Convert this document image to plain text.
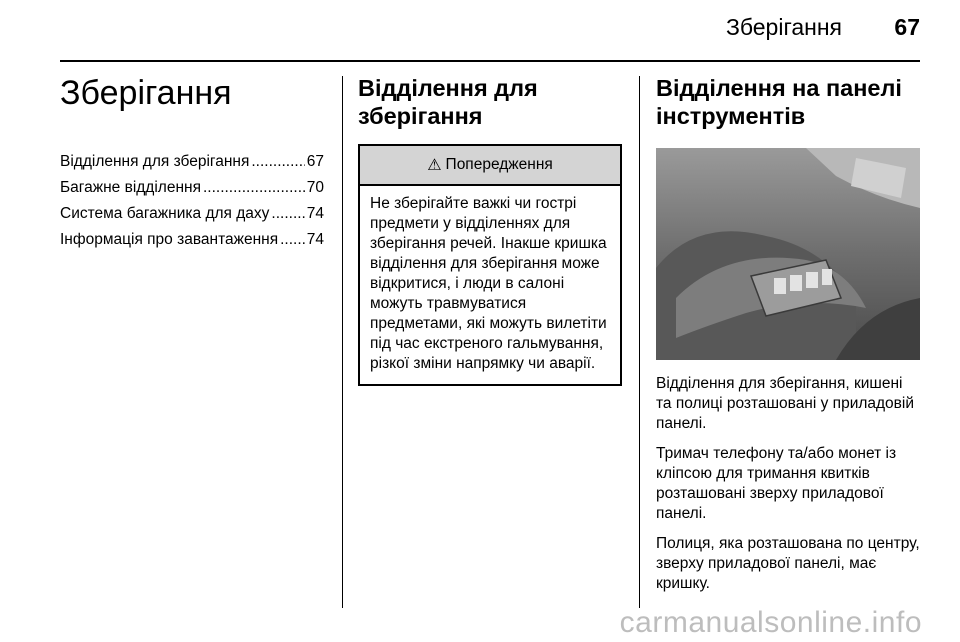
Зберігання 67
Зберігання
Відділення для зберігання .....	67
Багажне відділення .....	70
Система багажника для даху ..... 74
Інформація про завантаження ..... 74
Відділення для
зберігання
⚠ Попередження
Не зберігайте важкі чи гострі предмети у відділеннях для зберігання речей. Інакше кришка відділення для зберігання може відкритися, і люди в салоні можуть травмуватися предметами, які можуть вилетіти під час екстреного гальмування, різкої зміни напрямку чи аварії.
Відділення на панелі
інструментів

Відділення для зберігання, кишені та полиці розташовані у приладовій панелі.

Тримач телефону та/або монет із кліпсою для тримання квитків розташовані зверху приладової панелі.

Полиця, яка розташована по центру, зверху приладової панелі, має кришку.

carmanualsonline.info
